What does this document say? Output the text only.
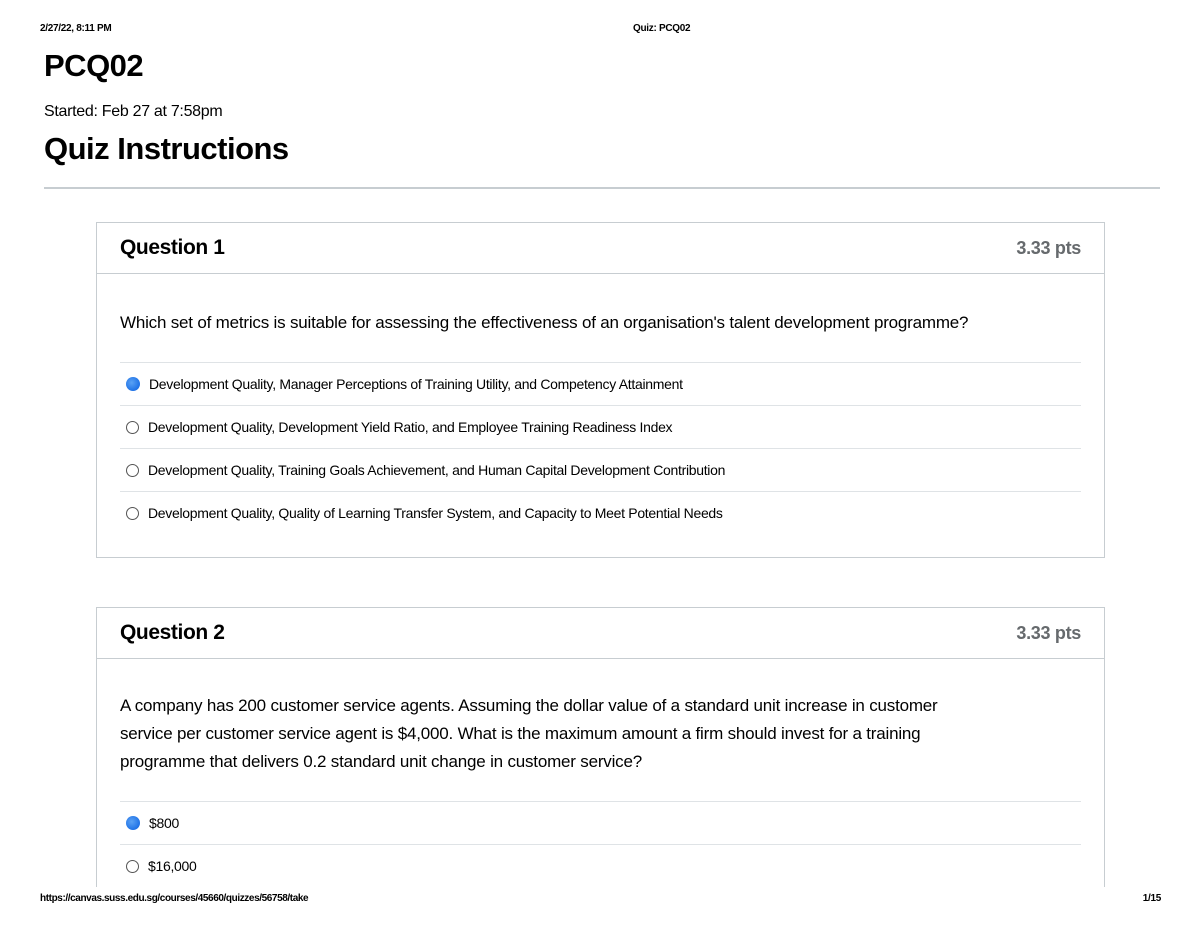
2/27/22, 8:11 PM	Quiz: PCQ02
PCQ02
Started: Feb 27 at 7:58pm
Quiz Instructions
Question 1	3.33 pts
Which set of metrics is suitable for assessing the effectiveness of an organisation's talent development programme?
Development Quality, Manager Perceptions of Training Utility, and Competency Attainment
Development Quality, Development Yield Ratio, and Employee Training Readiness Index
Development Quality, Training Goals Achievement, and Human Capital Development Contribution
Development Quality, Quality of Learning Transfer System, and Capacity to Meet Potential Needs
Question 2	3.33 pts
A company has 200 customer service agents. Assuming the dollar value of a standard unit increase in customer
service per customer service agent is $4,000. What is the maximum amount a firm should invest for a training
programme that delivers 0.2 standard unit change in customer service?
$800
$16,000
https://canvas.suss.edu.sg/courses/45660/quizzes/56758/take	1/15
